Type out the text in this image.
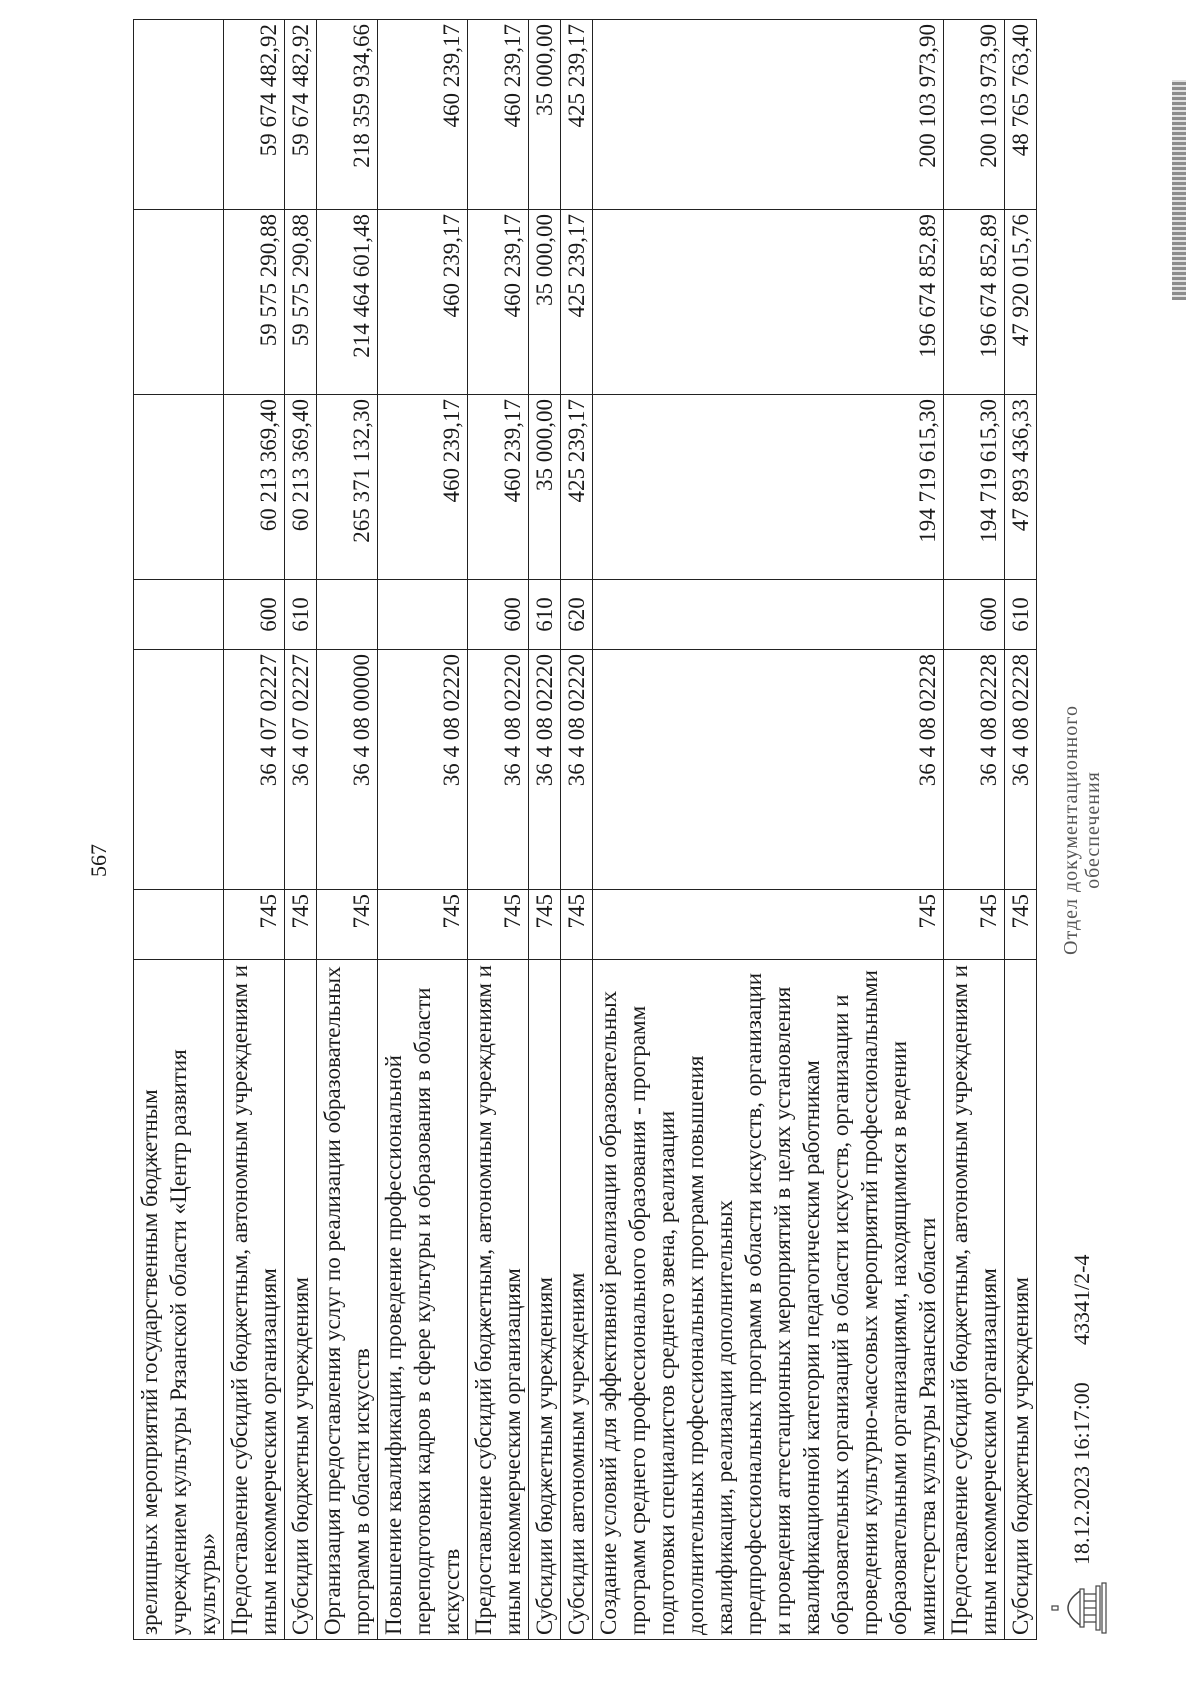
567
зрелищных мероприятий государственным бюджетным учреждением культуры Рязанской области «Центр развития культуры»						
Предоставление субсидий бюджетным, автономным учреждениям и иным некоммерческим организациям	745	36 4 07 02227	600	60 213 369,40	59 575 290,88	59 674 482,92
Субсидии бюджетным учреждениям	745	36 4 07 02227	610	60 213 369,40	59 575 290,88	59 674 482,92
Организация предоставления услуг по реализации образовательных программ в области искусств	745	36 4 08 00000		265 371 132,30	214 464 601,48	218 359 934,66
Повышение квалификации, проведение профессиональной переподготовки кадров в сфере культуры и образования в области искусств	745	36 4 08 02220		460 239,17	460 239,17	460 239,17
Предоставление субсидий бюджетным, автономным учреждениям и иным некоммерческим организациям	745	36 4 08 02220	600	460 239,17	460 239,17	460 239,17
Субсидии бюджетным учреждениям	745	36 4 08 02220	610	35 000,00	35 000,00	35 000,00
Субсидии автономным учреждениям	745	36 4 08 02220	620	425 239,17	425 239,17	425 239,17
Создание условий для эффективной реализации образовательных программ среднего профессионального образования - программ подготовки специалистов среднего звена, реализации дополнительных профессиональных программ повышения квалификации, реализации дополнительных предпрофессиональных программ в области искусств, организации и проведения аттестационных мероприятий в целях установления квалификационной категории педагогическим работникам образовательных организаций в области искусств, организации и проведения культурно-массовых мероприятий профессиональными образовательными организациями, находящимися в ведении министерства культуры Рязанской области	745	36 4 08 02228		194 719 615,30	196 674 852,89	200 103 973,90
Предоставление субсидий бюджетным, автономным учреждениям и иным некоммерческим организациям	745	36 4 08 02228	600	194 719 615,30	196 674 852,89	200 103 973,90
Субсидии бюджетным учреждениям	745	36 4 08 02228	610	47 893 436,33	47 920 015,76	48 765 763,40
18.12.2023 16:17:00
43341/2-4
Отдел документационного обеспечения
